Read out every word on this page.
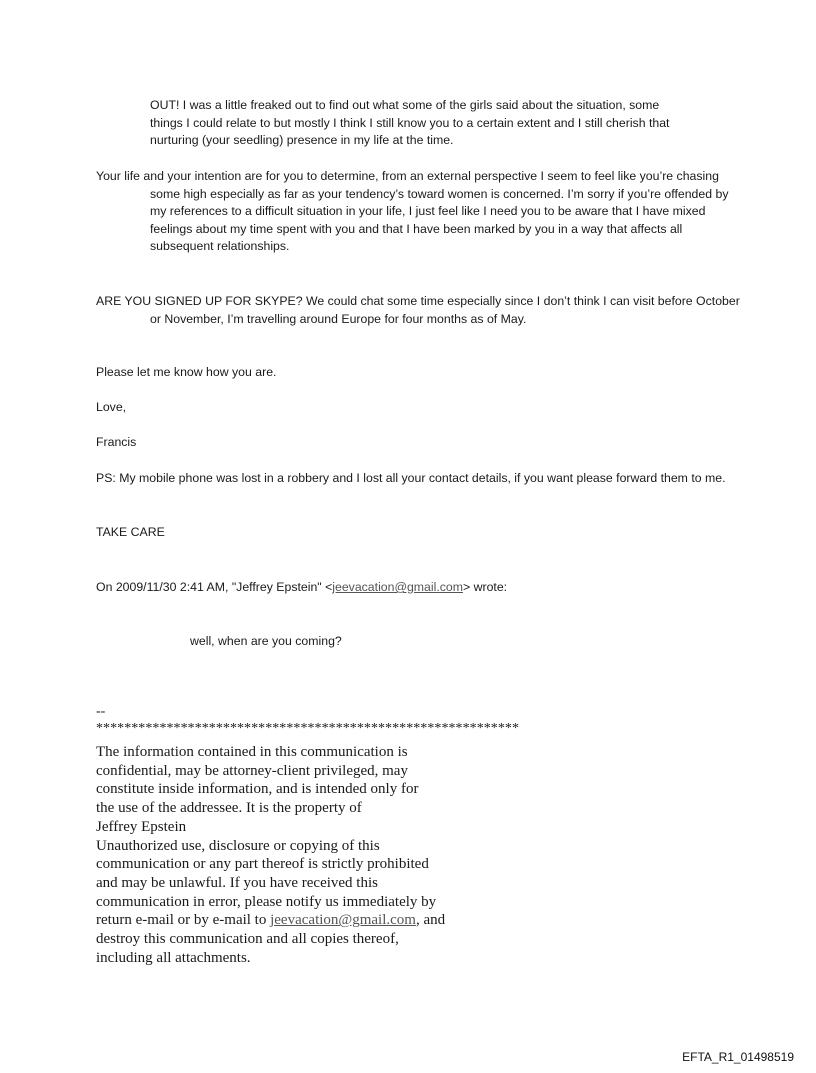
OUT! I was a little freaked out to find out what some of the girls said about the situation, some things I could relate to but mostly I think I still know you to a certain extent and I still cherish that nurturing (your seedling) presence in my life at the time.

Your life and your intention are for you to determine, from an external perspective I seem to feel like you’re chasing some high especially as far as your tendency’s toward women is concerned. I’m sorry if you’re offended by my references to a difficult situation in your life, I just feel like I need you to be aware that I have mixed feelings about my time spent with you and that I have been marked by you in a way that affects all subsequent relationships.

ARE YOU SIGNED UP FOR SKYPE? We could chat some time especially since I don’t think I can visit before October or November, I’m travelling around Europe for four months as of May.

Please let me know how you are.

Love,

Francis

PS: My mobile phone was lost in a robbery and I lost all your contact details, if you want please forward them to me.

TAKE CARE

On 2009/11/30 2:41 AM, "Jeffrey Epstein" <jeevacation@gmail.com> wrote:

well, when are you coming?

--

************************************************************

The information contained in this communication is
confidential, may be attorney-client privileged, may
constitute inside information, and is intended only for
the use of the addressee. It is the property of
Jeffrey Epstein
Unauthorized use, disclosure or copying of this
communication or any part thereof is strictly prohibited
and may be unlawful. If you have received this
communication in error, please notify us immediately by
return e-mail or by e-mail to jeevacation@gmail.com, and
destroy this communication and all copies thereof,
including all attachments.

EFTA_R1_01498519
